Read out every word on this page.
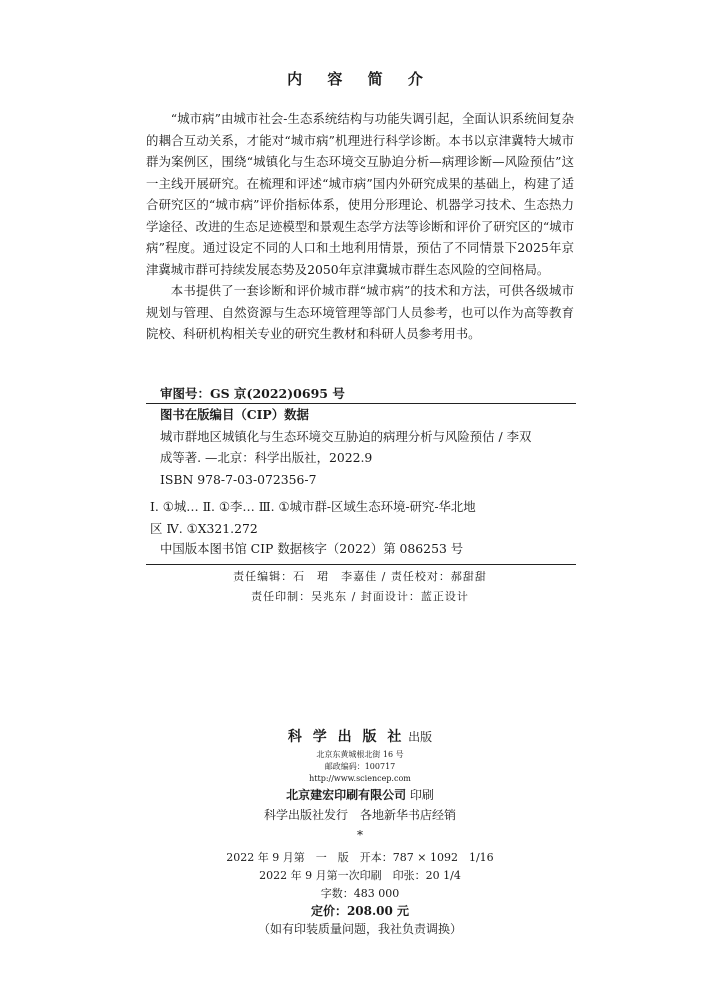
内 容 简 介

“城市病”由城市社会-生态系统结构与功能失调引起，全面认识系统间复杂的耦合互动关系，才能对“城市病”机理进行科学诊断。本书以京津冀特大城市群为案例区，围绕“城镇化与生态环境交互胁迫分析—病理诊断—风险预估”这一主线开展研究。在梳理和评述“城市病”国内外研究成果的基础上，构建了适合研究区的“城市病”评价指标体系，使用分形理论、机器学习技术、生态热力学途径、改进的生态足迹模型和景观生态学方法等诊断和评价了研究区的“城市病”程度。通过设定不同的人口和土地利用情景，预估了不同情景下2025年京津冀城市群可持续发展态势及2050年京津冀城市群生态风险的空间格局。

本书提供了一套诊断和评价城市群“城市病”的技术和方法，可供各级城市规划与管理、自然资源与生态环境管理等部门人员参考，也可以作为高等教育院校、科研机构相关专业的研究生教材和科研人员参考用书。

审图号：GS 京(2022)0695 号
图书在版编目（CIP）数据
城市群地区城镇化与生态环境交互胁迫的病理分析与风险预估 / 李双
成等著. —北京：科学出版社，2022.9
ISBN 978-7-03-072356-7
Ⅰ. ①城… Ⅱ. ①李… Ⅲ. ①城市群-区域生态环境-研究-华北地
区 Ⅳ. ①X321.272
中国版本图书馆 CIP 数据核字（2022）第 086253 号
责任编辑：石　珺　李嘉佳 / 责任校对：郝甜甜
责任印制：吴兆东 / 封面设计：蓝正设计
科 学 出 版 社 出版
北京东黄城根北街 16 号
邮政编码：100717
http://www.sciencep.com
北京建宏印刷有限公司 印刷
科学出版社发行　各地新华书店经销
*
2022 年 9 月第　一　版　开本：787 × 1092　1/16
2022 年 9 月第一次印刷　印张：20 1/4
字数：483 000
定价：208.00 元
（如有印装质量问题，我社负责调换）
